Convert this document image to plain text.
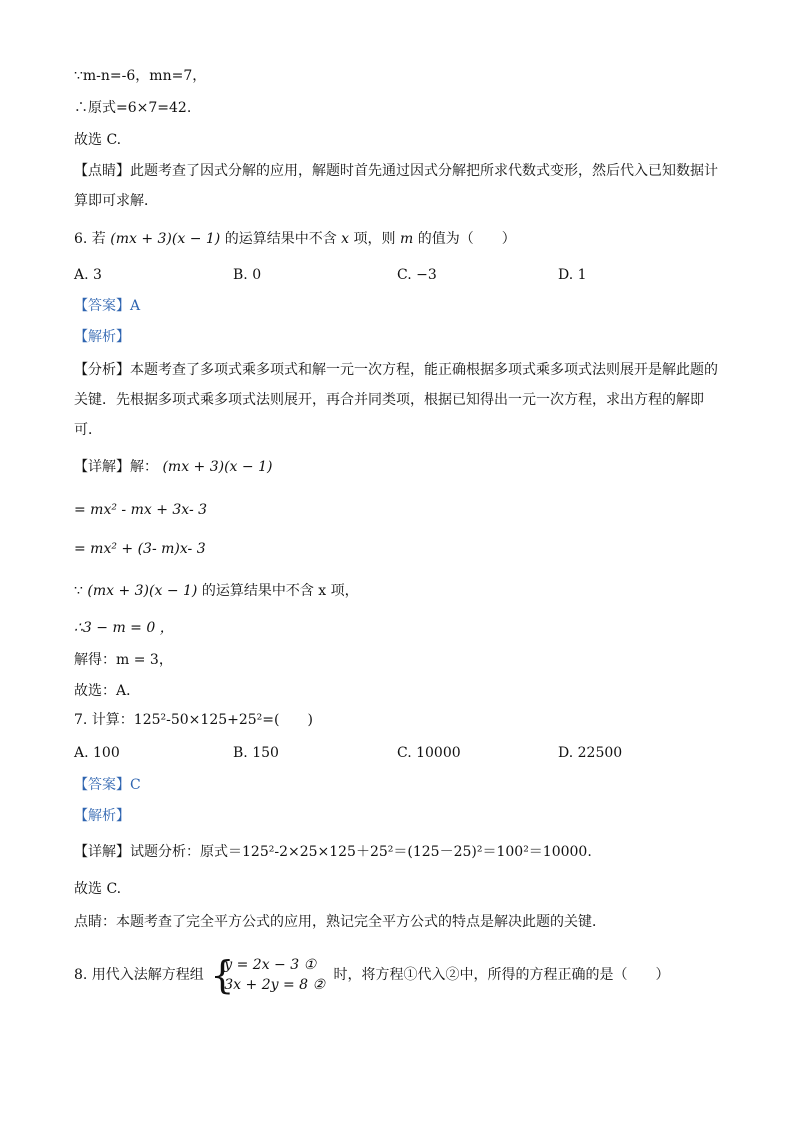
∵m-n=-6，mn=7，
∴原式=6×7=42.
故选 C.
【点睛】此题考查了因式分解的应用，解题时首先通过因式分解把所求代数式变形，然后代入已知数据计
算即可求解．
6. 若 (mx + 3)(x − 1) 的运算结果中不含 x 项，则 m 的值为（　　）
A. 3	B. 0	C. −3	D. 1
【答案】A
【解析】
【分析】本题考查了多项式乘多项式和解一元一次方程，能正确根据多项式乘多项式法则展开是解此题的关键．先根据多项式乘多项式法则展开，再合并同类项，根据已知得出一元一次方程，求出方程的解即可．
【详解】解： (mx + 3)(x − 1)
= mx² - mx + 3x- 3
= mx² + (3- m)x- 3
∵ (mx + 3)(x − 1) 的运算结果中不含 x 项，
∴3 − m = 0 ，
解得：m = 3，
故选：A．
7. 计算：125²-50×125+25²=(　　)
A. 100	B. 150	C. 10000	D. 22500
【答案】C
【解析】
【详解】试题分析：原式＝125²-2×25×125＋25²＝(125－25)²＝100²＝10000.
故选 C.
点睛：本题考查了完全平方公式的应用，熟记完全平方公式的特点是解决此题的关键．
8. 用代入法解方程组 {
y = 2x − 3 ①
3x + 2y = 8 ②
时，将方程①代入②中，所得的方程正确的是（　　）
